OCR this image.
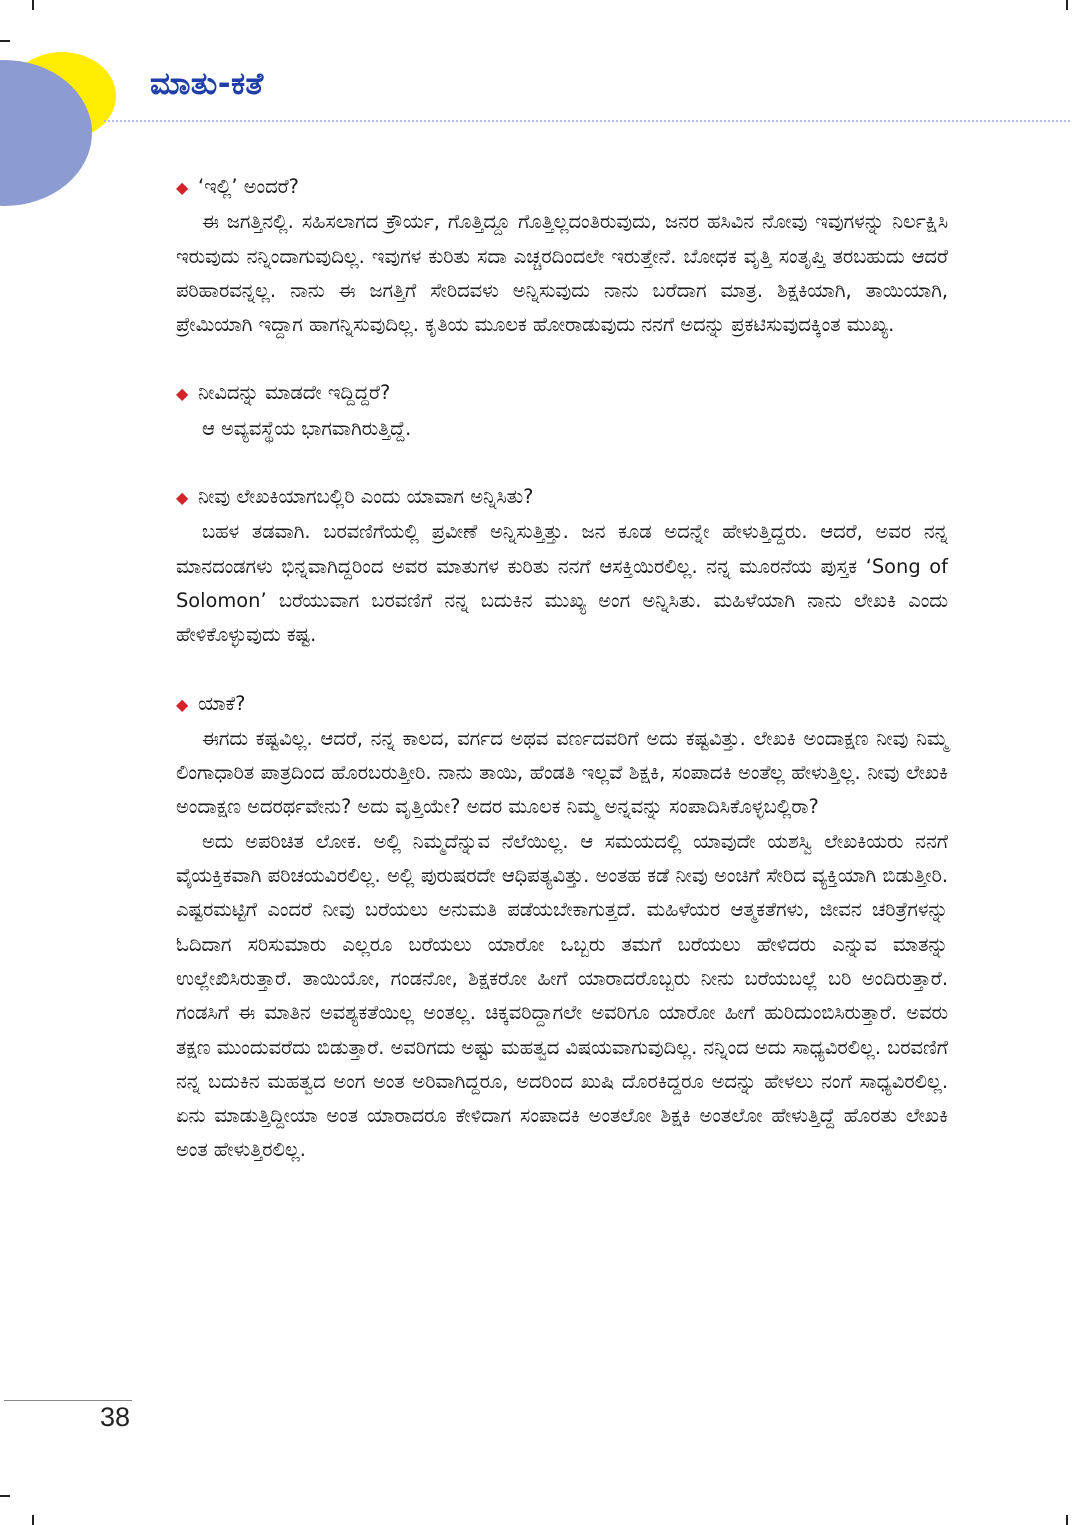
ಮಾತು-ಕತೆ

◆ ‘ಇಲ್ಲಿ’ ಅಂದರೆ?

ಈ ಜಗತ್ತಿನಲ್ಲಿ. ಸಹಿಸಲಾಗದ ಕ್ರೌರ್ಯ, ಗೊತ್ತಿದ್ದೂ ಗೊತ್ತಿಲ್ಲದಂತಿರುವುದು, ಜನರ ಹಸಿವಿನ ನೋವು ಇವುಗಳನ್ನು ನಿರ್ಲಕ್ಷಿಸಿ ಇರುವುದು ನನ್ನಿಂದಾಗುವುದಿಲ್ಲ. ಇವುಗಳ ಕುರಿತು ಸದಾ ಎಚ್ಚರದಿಂದಲೇ ಇರುತ್ತೇನೆ. ಬೋಧಕ ವೃತ್ತಿ ಸಂತೃಪ್ತಿ ತರಬಹುದು ಆದರೆ ಪರಿಹಾರವನ್ನಲ್ಲ. ನಾನು ಈ ಜಗತ್ತಿಗೆ ಸೇರಿದವಳು ಅನ್ನಿಸುವುದು ನಾನು ಬರೆದಾಗ ಮಾತ್ರ. ಶಿಕ್ಷಕಿಯಾಗಿ, ತಾಯಿಯಾಗಿ, ಪ್ರೇಮಿಯಾಗಿ ಇದ್ದಾಗ ಹಾಗನ್ನಿಸುವುದಿಲ್ಲ. ಕೃತಿಯ ಮೂಲಕ ಹೋರಾಡುವುದು ನನಗೆ ಅದನ್ನು ಪ್ರಕಟಿಸುವುದಕ್ಕಿಂತ ಮುಖ್ಯ.

◆ ನೀವಿದನ್ನು ಮಾಡದೇ ಇದ್ದಿದ್ದರೆ?

ಆ ಅವ್ಯವಸ್ಥೆಯ ಭಾಗವಾಗಿರುತ್ತಿದ್ದೆ.

◆ ನೀವು ಲೇಖಕಿಯಾಗಬಲ್ಲಿರಿ ಎಂದು ಯಾವಾಗ ಅನ್ನಿಸಿತು?

ಬಹಳ ತಡವಾಗಿ. ಬರವಣಿಗೆಯಲ್ಲಿ ಪ್ರವೀಣೆ ಅನ್ನಿಸುತ್ತಿತ್ತು. ಜನ ಕೂಡ ಅದನ್ನೇ ಹೇಳುತ್ತಿದ್ದರು. ಆದರೆ, ಅವರ ನನ್ನ ಮಾನದಂಡಗಳು ಭಿನ್ನವಾಗಿದ್ದರಿಂದ ಅವರ ಮಾತುಗಳ ಕುರಿತು ನನಗೆ ಆಸಕ್ತಿಯಿರಲಿಲ್ಲ. ನನ್ನ ಮೂರನೆಯ ಪುಸ್ತಕ ‘Song of Solomon’ ಬರೆಯುವಾಗ ಬರವಣಿಗೆ ನನ್ನ ಬದುಕಿನ ಮುಖ್ಯ ಅಂಗ ಅನ್ನಿಸಿತು. ಮಹಿಳೆಯಾಗಿ ನಾನು ಲೇಖಕಿ ಎಂದು ಹೇಳಿಕೊಳ್ಳುವುದು ಕಷ್ಟ.

◆ ಯಾಕೆ?

ಈಗದು ಕಷ್ಟವಿಲ್ಲ. ಆದರೆ, ನನ್ನ ಕಾಲದ, ವರ್ಗದ ಅಥವ ವರ್ಣದವರಿಗೆ ಅದು ಕಷ್ಟವಿತ್ತು. ಲೇಖಕಿ ಅಂದಾಕ್ಷಣ ನೀವು ನಿಮ್ಮ ಲಿಂಗಾಧಾರಿತ ಪಾತ್ರದಿಂದ ಹೊರಬರುತ್ತೀರಿ. ನಾನು ತಾಯಿ, ಹೆಂಡತಿ ಇಲ್ಲವೆ ಶಿಕ್ಷಕಿ, ಸಂಪಾದಕಿ ಅಂತೆಲ್ಲ ಹೇಳುತ್ತಿಲ್ಲ. ನೀವು ಲೇಖಕಿ ಅಂದಾಕ್ಷಣ ಅದರರ್ಥವೇನು? ಅದು ವೃತ್ತಿಯೇ? ಅದರ ಮೂಲಕ ನಿಮ್ಮ ಅನ್ನವನ್ನು ಸಂಪಾದಿಸಿಕೊಳ್ಳಬಲ್ಲಿರಾ?

ಅದು ಅಪರಿಚಿತ ಲೋಕ. ಅಲ್ಲಿ ನಿಮ್ಮದೆನ್ನುವ ನೆಲೆಯಿಲ್ಲ. ಆ ಸಮಯದಲ್ಲಿ ಯಾವುದೇ ಯಶಸ್ವಿ ಲೇಖಕಿಯರು ನನಗೆ ವೈಯಕ್ತಿಕವಾಗಿ ಪರಿಚಯವಿರಲಿಲ್ಲ. ಅಲ್ಲಿ ಪುರುಷರದೇ ಆಧಿಪತ್ಯವಿತ್ತು. ಅಂತಹ ಕಡೆ ನೀವು ಅಂಚಿಗೆ ಸೇರಿದ ವ್ಯಕ್ತಿಯಾಗಿ ಬಿಡುತ್ತೀರಿ. ಎಷ್ಟರಮಟ್ಟಿಗೆ ಎಂದರೆ ನೀವು ಬರೆಯಲು ಅನುಮತಿ ಪಡೆಯಬೇಕಾಗುತ್ತದೆ. ಮಹಿಳೆಯರ ಆತ್ಮಕತೆಗಳು, ಜೀವನ ಚರಿತ್ರೆಗಳನ್ನು ಓದಿದಾಗ ಸರಿಸುಮಾರು ಎಲ್ಲರೂ ಬರೆಯಲು ಯಾರೋ ಒಬ್ಬರು ತಮಗೆ ಬರೆಯಲು ಹೇಳಿದರು ಎನ್ನುವ ಮಾತನ್ನು ಉಲ್ಲೇಖಿಸಿರುತ್ತಾರೆ. ತಾಯಿಯೋ, ಗಂಡನೋ, ಶಿಕ್ಷಕರೋ ಹೀಗೆ ಯಾರಾದರೊಬ್ಬರು ನೀನು ಬರೆಯಬಲ್ಲೆ ಬರಿ ಅಂದಿರುತ್ತಾರೆ. ಗಂಡಸಿಗೆ ಈ ಮಾತಿನ ಅವಶ್ಯಕತೆಯಿಲ್ಲ ಅಂತಲ್ಲ. ಚಿಕ್ಕವರಿದ್ದಾಗಲೇ ಅವರಿಗೂ ಯಾರೋ ಹೀಗೆ ಹುರಿದುಂಬಿಸಿರುತ್ತಾರೆ. ಅವರು ತಕ್ಷಣ ಮುಂದುವರೆದು ಬಿಡುತ್ತಾರೆ. ಅವರಿಗದು ಅಷ್ಟು ಮಹತ್ವದ ವಿಷಯವಾಗುವುದಿಲ್ಲ. ನನ್ನಿಂದ ಅದು ಸಾಧ್ಯವಿರಲಿಲ್ಲ. ಬರವಣಿಗೆ ನನ್ನ ಬದುಕಿನ ಮಹತ್ವದ ಅಂಗ ಅಂತ ಅರಿವಾಗಿದ್ದರೂ, ಅದರಿಂದ ಖುಷಿ ದೊರಕಿದ್ದರೂ ಅದನ್ನು ಹೇಳಲು ನಂಗೆ ಸಾಧ್ಯವಿರಲಿಲ್ಲ. ಏನು ಮಾಡುತ್ತಿದ್ದೀಯಾ ಅಂತ ಯಾರಾದರೂ ಕೇಳಿದಾಗ ಸಂಪಾದಕಿ ಅಂತಲೋ ಶಿಕ್ಷಕಿ ಅಂತಲೋ ಹೇಳುತ್ತಿದ್ದೆ ಹೊರತು ಲೇಖಕಿ ಅಂತ ಹೇಳುತ್ತಿರಲಿಲ್ಲ.

38
